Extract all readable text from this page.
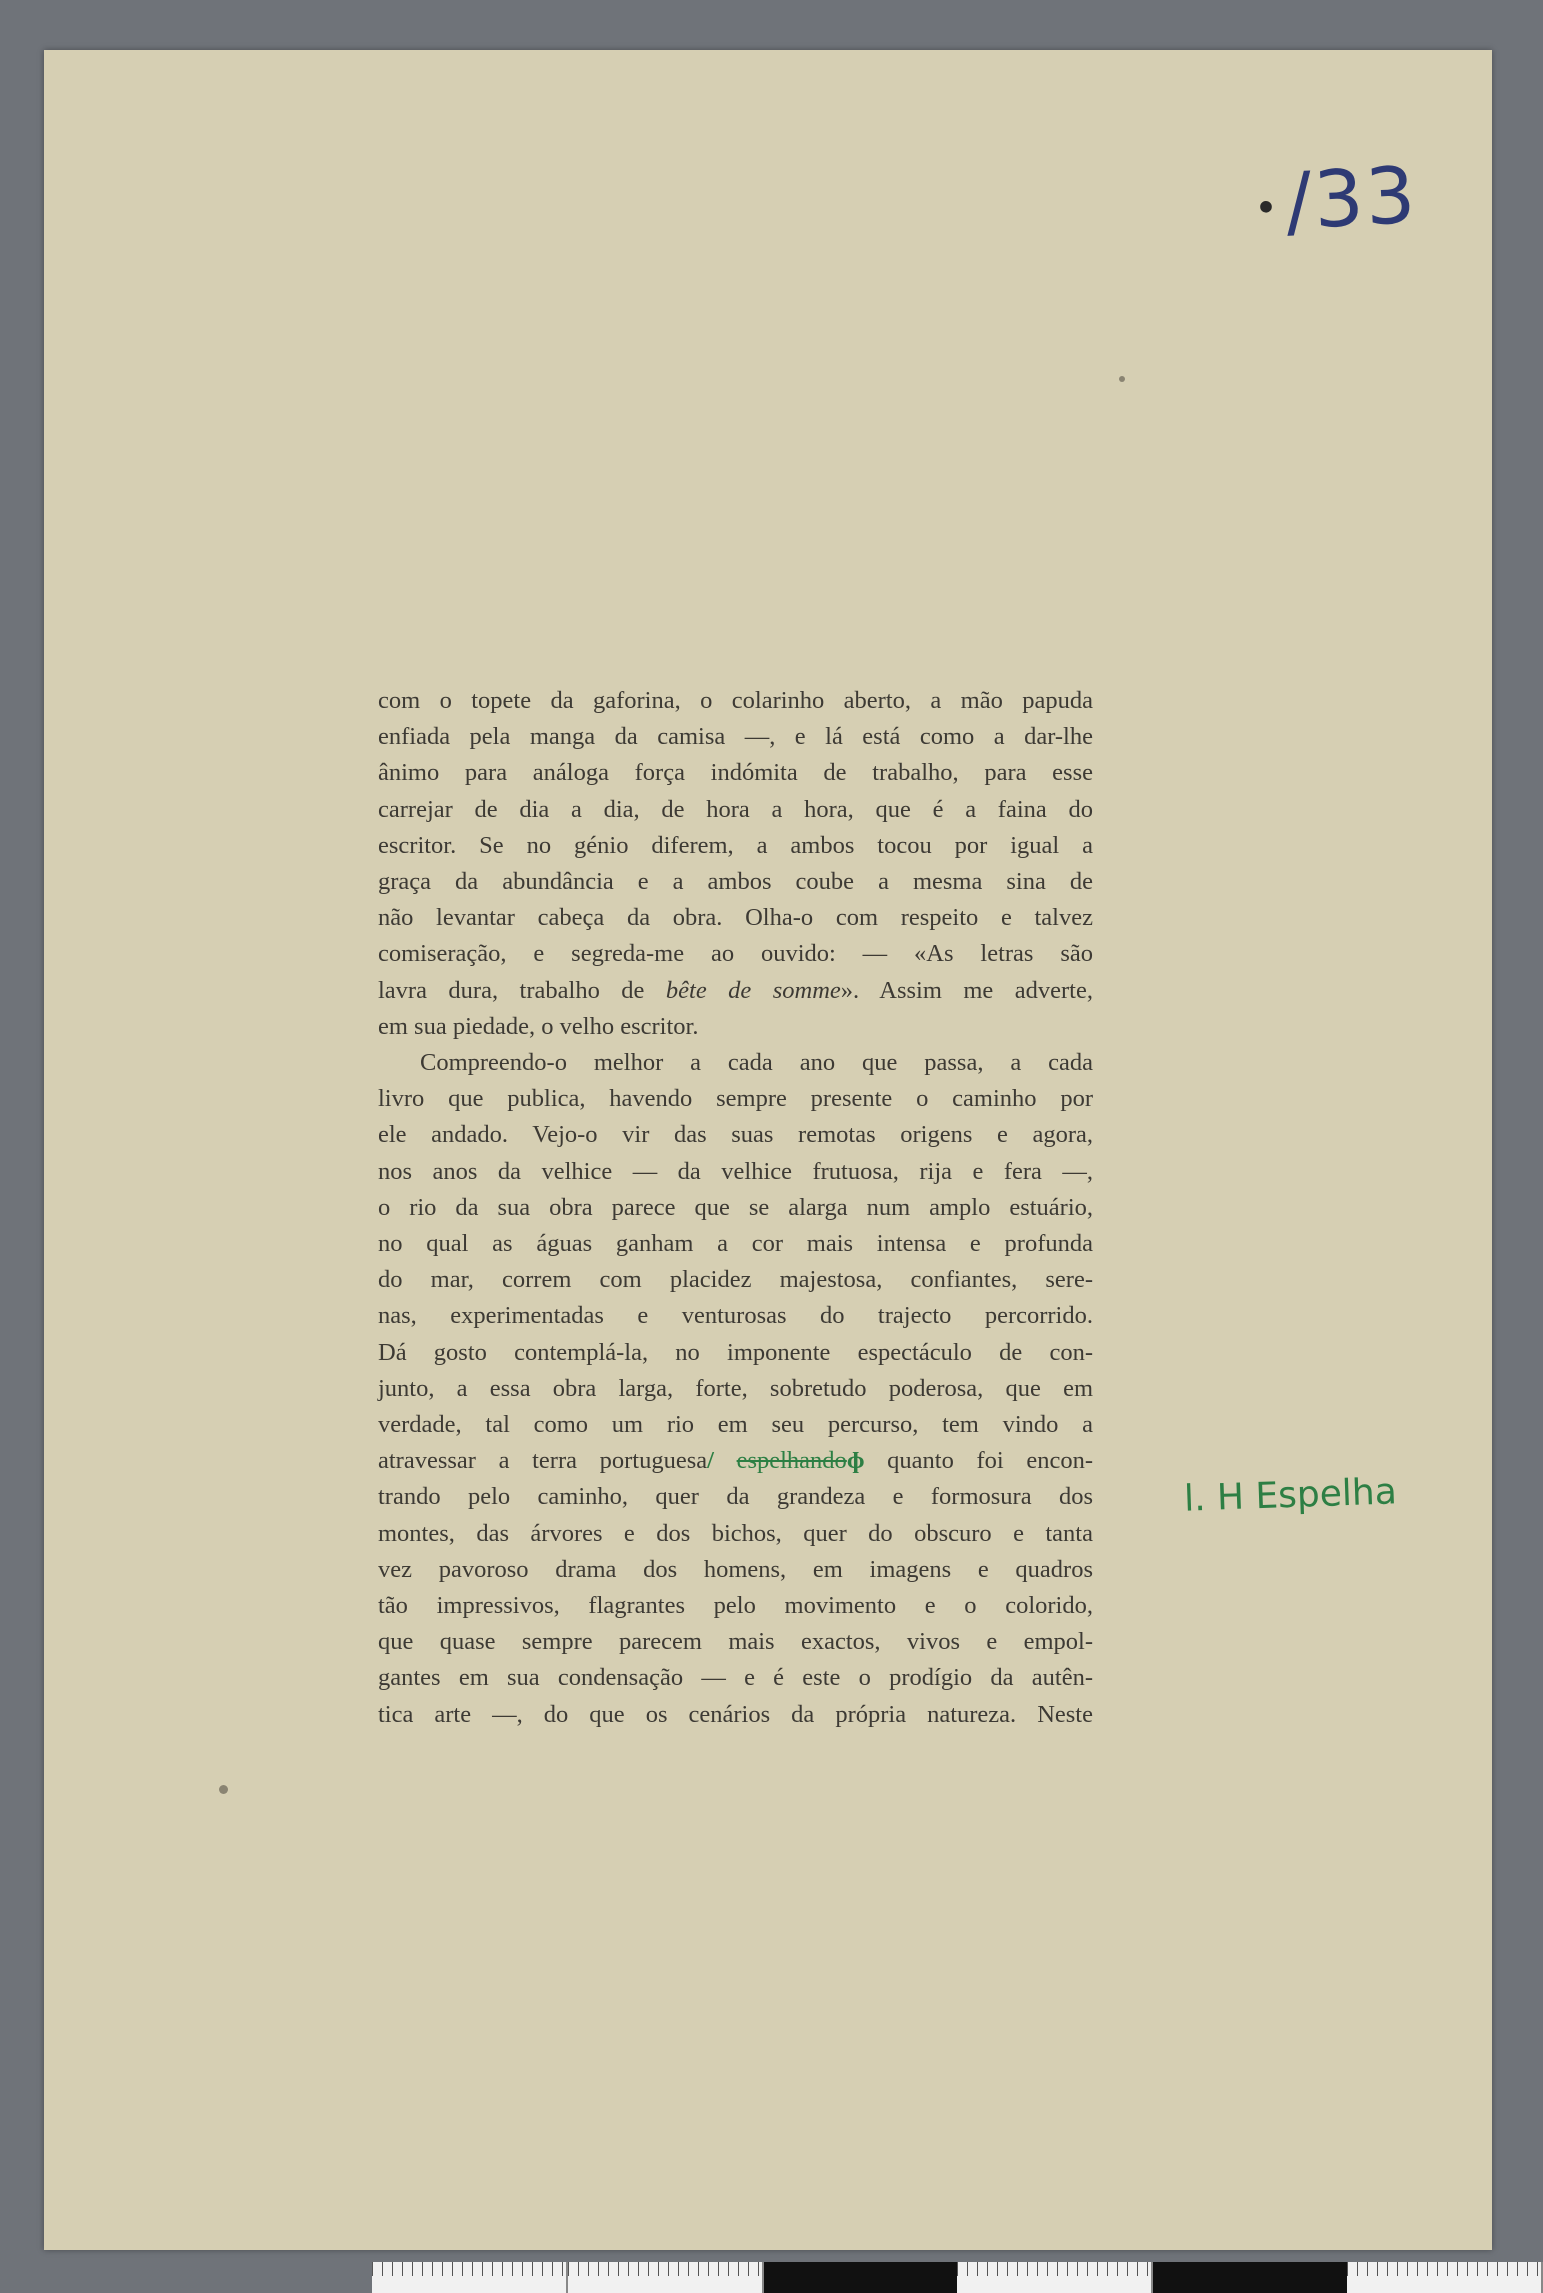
•/33
l. H Espelha
com o topete da gaforina, o colarinho aberto, a mão papuda
enfiada pela manga da camisa —, e lá está como a dar-lhe
ânimo para análoga força indómita de trabalho, para esse
carrejar de dia a dia, de hora a hora, que é a faina do
escritor. Se no génio diferem, a ambos tocou por igual a
graça da abundância e a ambos coube a mesma sina de
não levantar cabeça da obra. Olha-o com respeito e talvez
comiseração, e segreda-me ao ouvido: — «As letras são
lavra dura, trabalho de bête de somme». Assim me adverte,
em sua piedade, o velho escritor.
Compreendo-o melhor a cada ano que passa, a cada
livro que publica, havendo sempre presente o caminho por
ele andado. Vejo-o vir das suas remotas origens e agora,
nos anos da velhice — da velhice frutuosa, rija e fera —,
o rio da sua obra parece que se alarga num amplo estuário,
no qual as águas ganham a cor mais intensa e profunda
do mar, correm com placidez majestosa, confiantes, sere-
nas, experimentadas e venturosas do trajecto percorrido.
Dá gosto contemplá-la, no imponente espectáculo de con-
junto, a essa obra larga, forte, sobretudo poderosa, que em
verdade, tal como um rio em seu percurso, tem vindo a
atravessar a terra portuguesa/ espelhandoɸ quanto foi encon-
trando pelo caminho, quer da grandeza e formosura dos
montes, das árvores e dos bichos, quer do obscuro e tanta
vez pavoroso drama dos homens, em imagens e quadros
tão impressivos, flagrantes pelo movimento e o colorido,
que quase sempre parecem mais exactos, vivos e empol-
gantes em sua condensação — e é este o prodígio da autên-
tica arte —, do que os cenários da própria natureza. Neste
